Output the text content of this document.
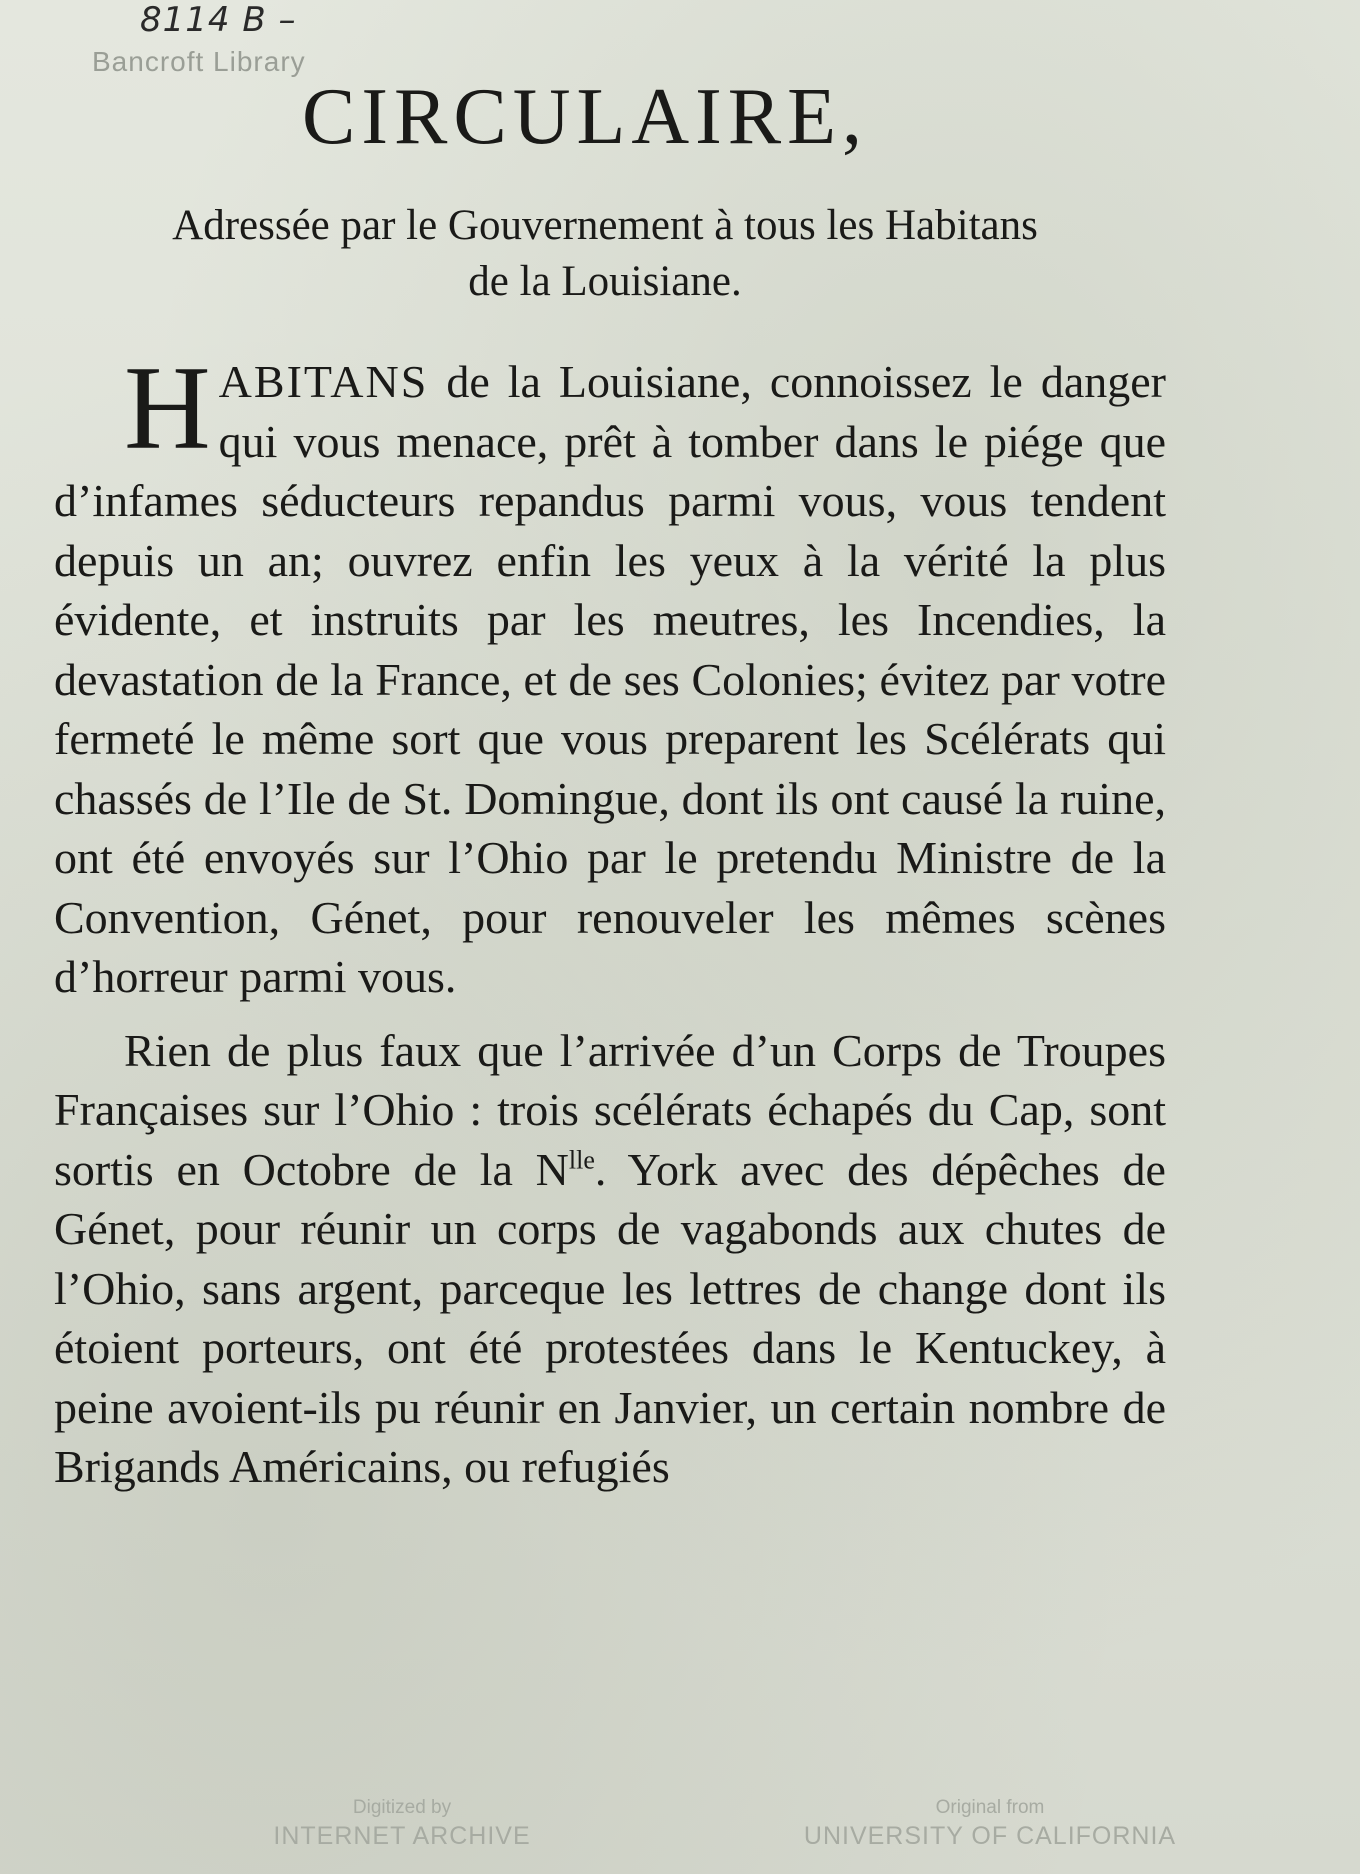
8114 B –
Bancroft Library
CIRCULAIRE,
Adressée par le Gouvernement à tous les Habitans
de la Louisiane.

HABITANS de la Louisiane, connoissez le danger qui vous menace, prêt à tomber dans le piége que d’infames séducteurs repandus parmi vous, vous tendent depuis un an; ouvrez enfin les yeux à la vérité la plus évidente, et instruits par les meutres, les Incendies, la devastation de la France, et de ses Colonies; évitez par votre fermeté le même sort que vous preparent les Scélérats qui chassés de l’Ile de St. Domingue, dont ils ont causé la ruine, ont été envoyés sur l’Ohio par le pretendu Ministre de la Convention, Génet, pour renouveler les mêmes scènes d’horreur parmi vous.

Rien de plus faux que l’arrivée d’un Corps de Troupes Françaises sur l’Ohio : trois scélérats échapés du Cap, sont sortis en Octobre de la $N^{lle}$. York avec des dépêches de Génet, pour réunir un corps de vagabonds aux chutes de l’Ohio, sans argent, parceque les lettres de change dont ils étoient porteurs, ont été protestées dans le Kentuckey, à peine avoient-ils pu réunir en Janvier, un certain nombre de Brigands Américains, ou refugiés

Digitized by
INTERNET ARCHIVE
Original from
UNIVERSITY OF CALIFORNIA
